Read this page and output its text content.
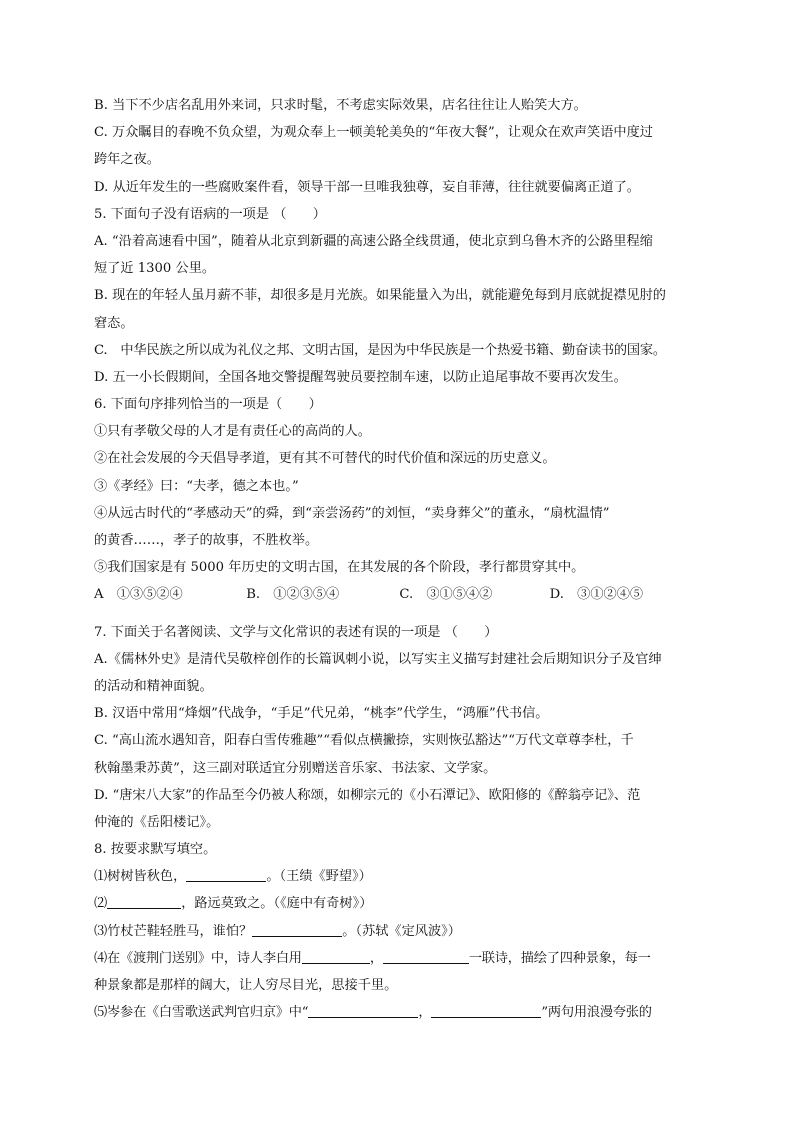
B. 当下不少店名乱用外来词，只求时髦，不考虑实际效果，店名往往让人贻笑大方。
C. 万众瞩目的春晚不负众望，为观众奉上一顿美轮美奂的“年夜大餐”，让观众在欢声笑语中度过
跨年之夜。
D. 从近年发生的一些腐败案件看，领导干部一旦唯我独尊，妄自菲薄，往往就要偏离正道了。
5. 下面句子没有语病的一项是 （　　）
A. “沿着高速看中国”，随着从北京到新疆的高速公路全线贯通，使北京到乌鲁木齐的公路里程缩
短了近 1300 公里。
B. 现在的年轻人虽月薪不菲，却很多是月光族。如果能量入为出，就能避免每到月底就捉襟见肘的
窘态。
C.　中华民族之所以成为礼仪之邦、文明古国，是因为中华民族是一个热爱书籍、勤奋读书的国家。
D. 五一小长假期间，全国各地交警提醒驾驶员要控制车速，以防止追尾事故不要再次发生。
6. 下面句序排列恰当的一项是（　　）
①只有孝敬父母的人才是有责任心的高尚的人。
②在社会发展的今天倡导孝道，更有其不可替代的时代价值和深远的历史意义。
③《孝经》曰：“夫孝，德之本也。”
④从远古时代的“孝感动天”的舜，到“亲尝汤药”的刘恒，“卖身葬父”的董永，“扇枕温情”
的黄香……，孝子的故事，不胜枚举。
⑤我们国家是有 5000 年历史的文明古国，在其发展的各个阶段，孝行都贯穿其中。
A　①③⑤②④	B.　①②③⑤④	C.　③①⑤④②	D.　③①②④⑤
7. 下面关于名著阅读、文学与文化常识的表述有误的一项是 （　　）
A.《儒林外史》是清代吴敬梓创作的长篇讽刺小说，以写实主义描写封建社会后期知识分子及官绅
的活动和精神面貌。
B. 汉语中常用“烽烟”代战争，“手足”代兄弟，“桃李”代学生，“鸿雁”代书信。
C. “高山流水遇知音，阳春白雪传雅趣”“看似点横撇捺，实则恢弘豁达”“万代文章尊李杜，千
秋翰墨秉苏黄”，这三副对联适宜分别赠送音乐家、书法家、文学家。
D. “唐宋八大家”的作品至今仍被人称颂，如柳宗元的《小石潭记》、欧阳修的《醉翁亭记》、范
仲淹的《岳阳楼记》。
8. 按要求默写填空。
⑴树树皆秋色，	。（王绩《野望》）
⑵	，路远莫致之。（《庭中有奇树》）
⑶竹杖芒鞋轻胜马，谁怕？	。（苏轼《定风波》）
⑷在《渡荆门送别》中，诗人李白用	，	一联诗，描绘了四种景象，每一
种景象都是那样的阔大，让人穷尽目光，思接千里。
⑸岑参在《白雪歌送武判官归京》中“	，	”两句用浪漫夸张的
